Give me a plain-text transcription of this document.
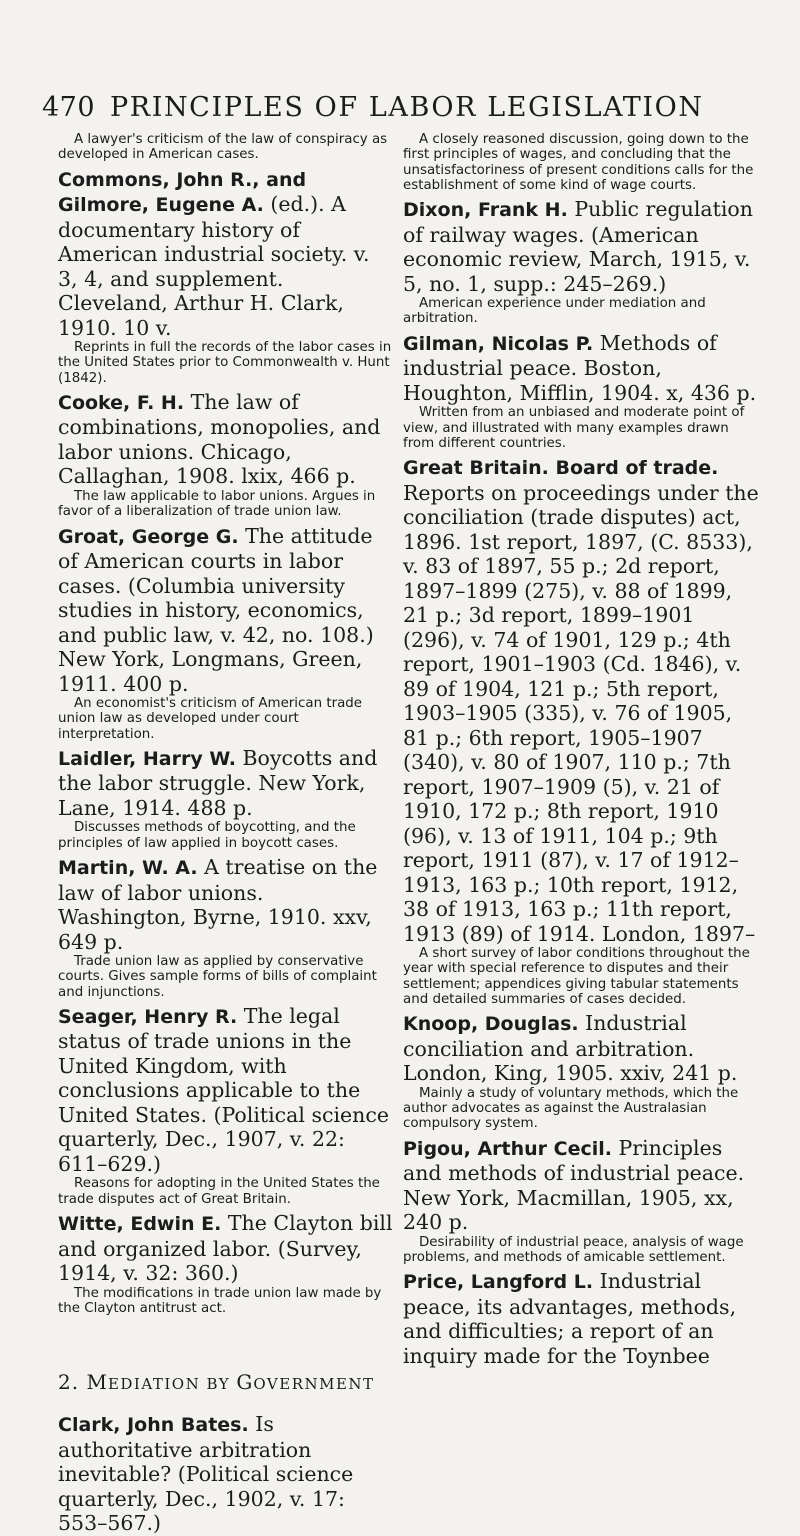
470 PRINCIPLES OF LABOR LEGISLATION

A lawyer's criticism of the law of conspiracy as developed in American cases.

Commons, John R., and Gilmore, Eugene A. (ed.). A documentary history of American industrial society. v. 3, 4, and supplement. Cleveland, Arthur H. Clark, 1910. 10 v.

Reprints in full the records of the labor cases in the United States prior to Commonwealth v. Hunt (1842).

Cooke, F. H. The law of combinations, monopolies, and labor unions. Chicago, Callaghan, 1908. lxix, 466 p.

The law applicable to labor unions. Argues in favor of a liberalization of trade union law.

Groat, George G. The attitude of American courts in labor cases. (Columbia university studies in history, economics, and public law, v. 42, no. 108.) New York, Longmans, Green, 1911. 400 p.

An economist's criticism of American trade union law as developed under court interpretation.

Laidler, Harry W. Boycotts and the labor struggle. New York, Lane, 1914. 488 p.

Discusses methods of boycotting, and the principles of law applied in boycott cases.

Martin, W. A. A treatise on the law of labor unions. Washington, Byrne, 1910. xxv, 649 p.

Trade union law as applied by conservative courts. Gives sample forms of bills of complaint and injunctions.

Seager, Henry R. The legal status of trade unions in the United Kingdom, with conclusions applicable to the United States. (Political science quarterly, Dec., 1907, v. 22: 611–629.)

Reasons for adopting in the United States the trade disputes act of Great Britain.

Witte, Edwin E. The Clayton bill and organized labor. (Survey, 1914, v. 32: 360.)

The modifications in trade union law made by the Clayton antitrust act.

2. MEDIATION BY GOVERNMENT

Clark, John Bates. Is authoritative arbitration inevitable? (Political science quarterly, Dec., 1902, v. 17: 553–567.)

A closely reasoned discussion, going down to the first principles of wages, and concluding that the unsatisfactoriness of present conditions calls for the establishment of some kind of wage courts.

Dixon, Frank H. Public regulation of railway wages. (American economic review, March, 1915, v. 5, no. 1, supp.: 245–269.)

American experience under mediation and arbitration.

Gilman, Nicolas P. Methods of industrial peace. Boston, Houghton, Mifflin, 1904. x, 436 p.

Written from an unbiased and moderate point of view, and illustrated with many examples drawn from different countries.

Great Britain. Board of trade. Reports on proceedings under the conciliation (trade disputes) act, 1896. 1st report, 1897, (C. 8533), v. 83 of 1897, 55 p.; 2d report, 1897–1899 (275), v. 88 of 1899, 21 p.; 3d report, 1899–1901 (296), v. 74 of 1901, 129 p.; 4th report, 1901–1903 (Cd. 1846), v. 89 of 1904, 121 p.; 5th report, 1903–1905 (335), v. 76 of 1905, 81 p.; 6th report, 1905–1907 (340), v. 80 of 1907, 110 p.; 7th report, 1907–1909 (5), v. 21 of 1910, 172 p.; 8th report, 1910 (96), v. 13 of 1911, 104 p.; 9th report, 1911 (87), v. 17 of 1912–1913, 163 p.; 10th report, 1912, 38 of 1913, 163 p.; 11th report, 1913 (89) of 1914. London, 1897–

A short survey of labor conditions throughout the year with special reference to disputes and their settlement; appendices giving tabular statements and detailed summaries of cases decided.

Knoop, Douglas. Industrial conciliation and arbitration. London, King, 1905. xxiv, 241 p.

Mainly a study of voluntary methods, which the author advocates as against the Australasian compulsory system.

Pigou, Arthur Cecil. Principles and methods of industrial peace. New York, Macmillan, 1905, xx, 240 p.

Desirability of industrial peace, analysis of wage problems, and methods of amicable settlement.

Price, Langford L. Industrial peace, its advantages, methods, and difficulties; a report of an inquiry made for the Toynbee
